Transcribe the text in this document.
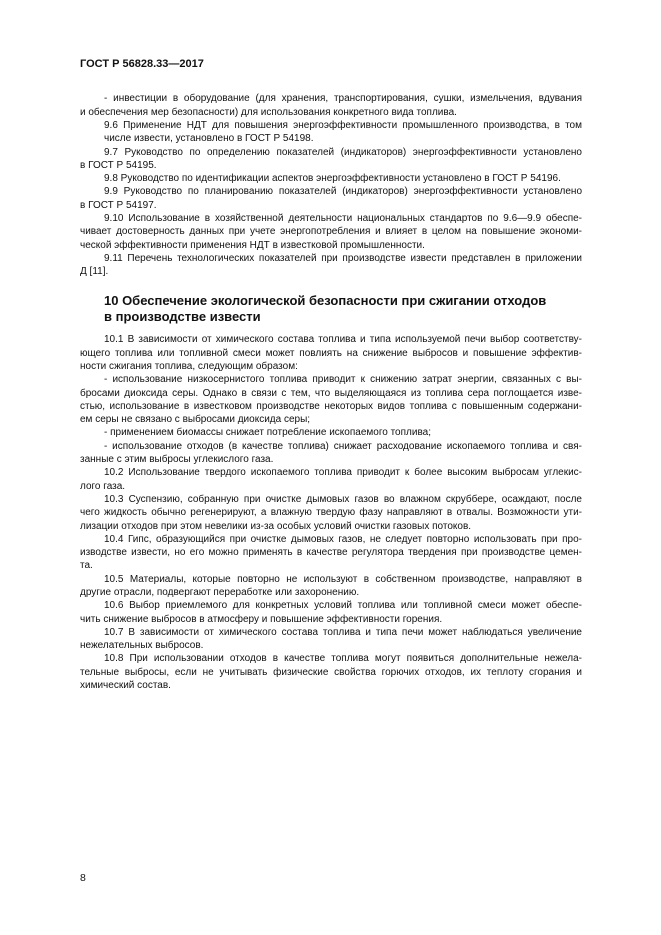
ГОСТ Р 56828.33—2017
- инвестиции в оборудование (для хранения, транспортирования, сушки, измельчения, вдувания
и обеспечения мер безопасности) для использования конкретного вида топлива.
9.6 Применение НДТ для повышения энергоэффективности промышленного производства, в том
числе извести, установлено в ГОСТ Р 54198.
9.7 Руководство по определению показателей (индикаторов) энергоэффективности установлено
в ГОСТ Р 54195.
9.8 Руководство по идентификации аспектов энергоэффективности установлено в ГОСТ Р 54196.
9.9 Руководство по планированию показателей (индикаторов) энергоэффективности установлено
в ГОСТ Р 54197.
9.10 Использование в хозяйственной деятельности национальных стандартов по 9.6—9.9 обеспе-
чивает достоверность данных при учете энергопотребления и влияет в целом на повышение экономи-
ческой эффективности применения НДТ в известковой промышленности.
9.11 Перечень технологических показателей при производстве извести представлен в приложении
Д [11].
10 Обеспечение экологической безопасности при сжигании отходов
в производстве извести
10.1 В зависимости от химического состава топлива и типа используемой печи выбор соответству-
ющего топлива или топливной смеси может повлиять на снижение выбросов и повышение эффектив-
ности сжигания топлива, следующим образом:
- использование низкосернистого топлива приводит к снижению затрат энергии, связанных с вы-
бросами диоксида серы. Однако в связи с тем, что выделяющаяся из топлива сера поглощается изве-
стью, использование в известковом производстве некоторых видов топлива с повышенным содержани-
ем серы не связано с выбросами диоксида серы;
- применением биомассы снижает потребление ископаемого топлива;
- использование отходов (в качестве топлива) снижает расходование ископаемого топлива и свя-
занные с этим выбросы углекислого газа.
10.2 Использование твердого ископаемого топлива приводит к более высоким выбросам углекис-
лого газа.
10.3 Суспензию, собранную при очистке дымовых газов во влажном скруббере, осаждают, после
чего жидкость обычно регенерируют, а влажную твердую фазу направляют в отвалы. Возможности ути-
лизации отходов при этом невелики из-за особых условий очистки газовых потоков.
10.4 Гипс, образующийся при очистке дымовых газов, не следует повторно использовать при про-
изводстве извести, но его можно применять в качестве регулятора твердения при производстве цемен-
та.
10.5 Материалы, которые повторно не используют в собственном производстве, направляют в
другие отрасли, подвергают переработке или захоронению.
10.6 Выбор приемлемого для конкретных условий топлива или топливной смеси может обеспе-
чить снижение выбросов в атмосферу и повышение эффективности горения.
10.7 В зависимости от химического состава топлива и типа печи может наблюдаться увеличение
нежелательных выбросов.
10.8 При использовании отходов в качестве топлива могут появиться дополнительные нежела-
тельные выбросы, если не учитывать физические свойства горючих отходов, их теплоту сгорания и
химический состав.
8
